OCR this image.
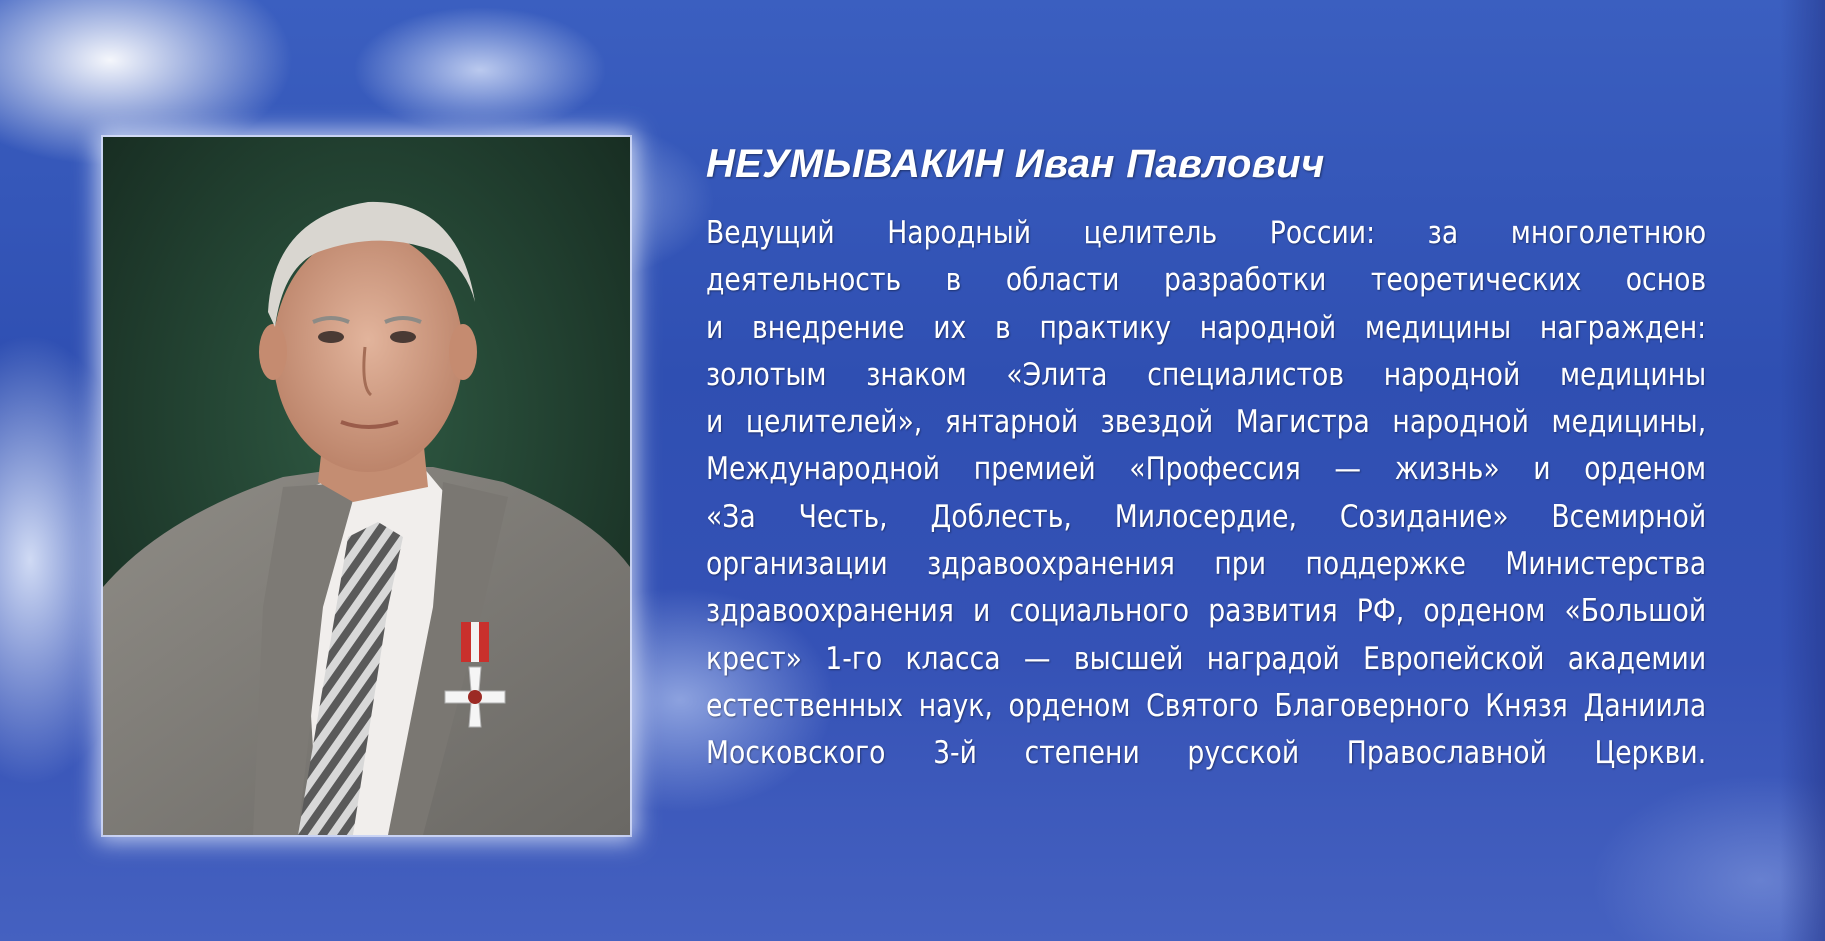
НЕУМЫВАКИН Иван Павлович
Ведущий Народный целитель России: за многолетнюю
деятельность в области разработки теоретических основ
и внедрение их в практику народной медицины награжден:
золотым знаком «Элита специалистов народной медицины
и целителей», янтарной звездой Магистра народной медицины,
Международной премией «Профессия — жизнь» и орденом
«За Честь, Доблесть, Милосердие, Созидание» Всемирной
организации здравоохранения при поддержке Министерства
здравоохранения и социального развития РФ, орденом «Большой
крест» 1-го класса — высшей наградой Европейской академии
естественных наук, орденом Святого Благоверного Князя Даниила
Московского 3-й степени русской Православной Церкви.
